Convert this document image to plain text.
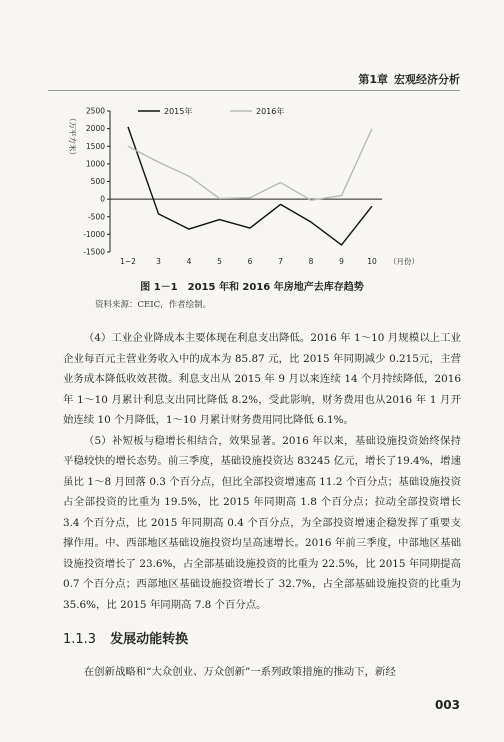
第1章 宏观经济分析
2500
2000
1500
1000
500
0
-500
-1000
-1500
（万平方米）
1~2	3	4	5	6	7	8	9	10 （月份）
2015年	2016年
图 1－1　2015 年和 2016 年房地产去库存趋势
资料来源：CEIC，作者绘制。

（4）工业企业降成本主要体现在利息支出降低。2016 年 1～10 月规模以上工业企业每百元主营业务收入中的成本为 85.87 元，比 2015 年同期减少 0.215元，主营业务成本降低收效甚微。利息支出从 2015 年 9 月以来连续 14 个月持续降低，2016 年 1～10 月累计利息支出同比降低 8.2%，受此影响，财务费用也从2016 年 1 月开始连续 10 个月降低，1～10 月累计财务费用同比降低 6.1%。

（5）补短板与稳增长相结合，效果显著。2016 年以来，基础设施投资始终保持平稳较快的增长态势。前三季度，基础设施投资达 83245 亿元，增长了19.4%，增速虽比 1～8 月回落 0.3 个百分点，但比全部投资增速高 11.2 个百分点；基础设施投资占全部投资的比重为 19.5%，比 2015 年同期高 1.8 个百分点；拉动全部投资增长 3.4 个百分点，比 2015 年同期高 0.4 个百分点，为全部投资增速企稳发挥了重要支撑作用。中、西部地区基础设施投资均呈高速增长。2016 年前三季度，中部地区基础设施投资增长了 23.6%，占全部基础设施投资的比重为 22.5%，比 2015 年同期提高 0.7 个百分点；西部地区基础设施投资增长了 32.7%，占全部基础设施投资的比重为 35.6%，比 2015 年同期高 7.8 个百分点。

1.1.3 发展动能转换
在创新战略和“大众创业、万众创新”一系列政策措施的推动下，新经
003
